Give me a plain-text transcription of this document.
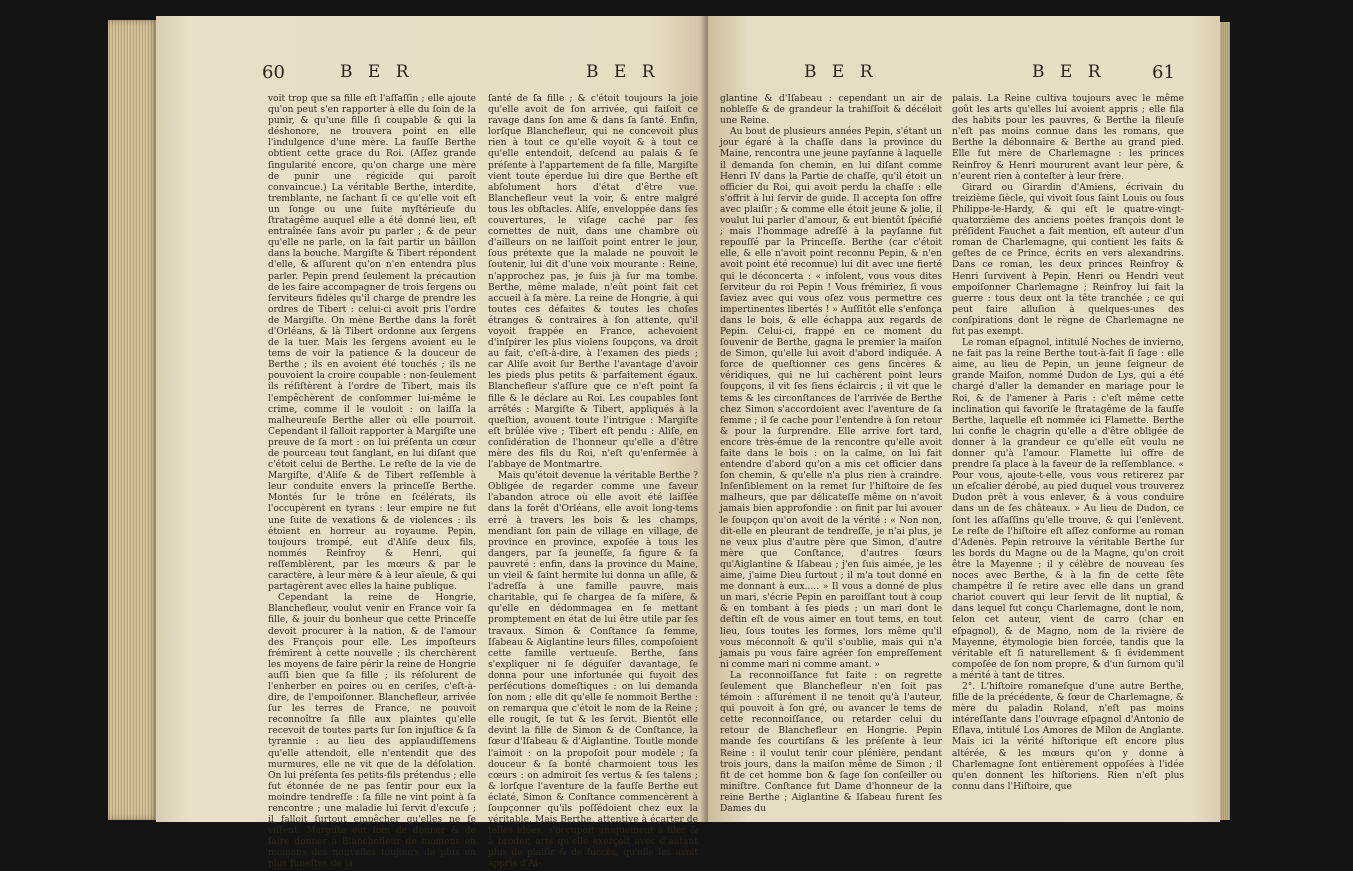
60	B E R	B E R

voit trop que sa fille eſt l'aſſaſſin ; elle ajoute qu'on peut s'en rapporter à elle du ſoin de la punir, & qu'une fille ſi coupable & qui la déshonore, ne trouvera point en elle l'indulgence d'une mère. La fauſſe Berthe obtient cette grace du Roi. (Aſſez grande ſingularité encore, qu'on charge une mère de punir une régicide qui paroît convaincue.) La véritable Berthe, interdite, tremblante, ne ſachant ſi ce qu'elle voit eſt un ſonge ou une ſuite myſtérieuſe du ſtratagême auquel elle a été donné lieu, eſt entraînée ſans avoir pu parler ; & de peur qu'elle ne parle, on la fait partir un bâillon dans la bouche. Margiſte & Tibert répondent d'elle, & aſſurent qu'on n'en entendra plus parler. Pepin prend ſeulement la précaution de les faire accompagner de trois ſergens ou ſerviteurs fidèles qu'il charge de prendre les ordres de Tibert : celui-ci avoit pris l'ordre de Margiſte. On mène Berthe dans la forêt d'Orléans, & là Tibert ordonne aux ſergens de la tuer. Mais les ſergens avoient eu le tems de voir la patience & la douceur de Berthe ; ils en avoient été touchés ; ils ne pouvoient la croire coupable : non-ſeulement ils réſiſtèrent à l'ordre de Tibert, mais ils l'empêchèrent de conſommer lui-même le crime, comme il le vouloit : on laiſſa la malheureuſe Berthe aller où elle pourroit. Cependant il falloit rapporter à Margiſte une preuve de ſa mort : on lui préſenta un cœur de pourceau tout ſanglant, en lui diſant que c'étoit celui de Berthe. Le reſte de la vie de Margiſte, d'Aliſe & de Tibert reſſemble à leur conduite envers la princeſſe Berthe. Montés ſur le trône en ſcélérats, ils l'occupèrent en tyrans : leur empire ne fut une ſuite de vexations & de violences : ils étoient en horreur au royaume. Pepin, toujours trompé, eut d'Aliſe deux fils, nommés Reinfroy & Henri, qui reſſemblèrent, par les mœurs & par le caractère, à leur mère & à leur aïeule, & qui partagèrent avec elles la haine publique.

Cependant la reine de Hongrie, Blanchefleur, voulut venir en France voir ſa fille, & jouir du bonheur que cette Princeſſe devoit procurer à la nation, & de l'amour des François pour elle. Les impoſteurs frémirent à cette nouvelle ; ils cherchèrent les moyens de faire périr la reine de Hongrie auſſi bien que ſa fille ; ils réſolurent de l'enherber en poires ou en ceriſes, c'eſt-à-dire, de l'empoiſonner. Blanchefleur, arrivée ſur les terres de France, ne pouvoit reconnoître ſa fille aux plaintes qu'elle recevoit de toutes parts ſur ſon injuſtice & ſa tyrannie : au lieu des applaudiſſemens qu'elle attendoit, elle n'entendit que des murmures, elle ne vit que de la déſolation. On lui préſenta ſes petits-fils prétendus ; elle fut étonnée de ne pas ſentir pour eux la moindre tendreſſe : ſa fille ne vint point à ſa rencontre ; une maladie lui ſervit d'excuſe ; il falloit ſurtout empêcher qu'elles ne ſe viſſent. Margiſte eut ſoin de donner & de faire donner à Blanchefleur de momens en momens des nouvelles toujours de plus en plus funeſtes de la

ſanté de ſa fille ; & c'étoit toujours la joie qu'elle avoit de ſon arrivée, qui faiſoit ce ravage dans ſon ame & dans ſa ſanté. Enfin, lorſque Blanchefleur, qui ne concevoit plus rien à tout ce qu'elle voyoit & à tout ce qu'elle entendoit, deſcend au palais & ſe préſente à l'appartement de ſa fille, Margiſte vient toute éperdue lui dire que Berthe eſt abſolument hors d'état d'être vue. Blanchefleur veut la voir, & entre malgré tous les obſtacles. Aliſe, enveloppée dans ſes couvertures, le viſage caché par ſes cornettes de nuit, dans une chambre où d'ailleurs on ne laiſſoit point entrer le jour, ſous prétexte que la malade ne pouvoit le ſoutenir, lui dit d'une voix mourante : Reine, n'approchez pas, je ſuis jà ſur ma tombe. Berthe, même malade, n'eût point fait cet accueil à ſa mère. La reine de Hongrie, à qui toutes ces défaites & toutes les choſes étranges & contraires à ſon attente, qu'il voyoit frappée en France, achevoient d'inſpirer les plus violens ſoupçons, va droit au fait, c'eſt-à-dire, à l'examen des pieds ; car Aliſe avoit ſur Berthe l'avantage d'avoir les pieds plus petits & parfaitement égaux. Blanchefleur s'aſſure que ce n'eſt point ſa fille & le déclare au Roi. Les coupables ſont arrêtés : Margiſte & Tibert, appliqués à la queſtion, avouent toute l'intrigue : Margiſte eſt brûlée vive ; Tibert eſt pendu : Aliſe, en conſidération de l'honneur qu'elle a d'être mère des fils du Roi, n'eſt qu'enfermée à l'abbaye de Montmartre.

Mais qu'étoit devenue la véritable Berthe ? Obligée de regarder comme une faveur l'abandon atroce où elle avoit été laiſſée dans la forêt d'Orléans, elle avoit long-tems erré à travers les bois & les champs, mendiant ſon pain de village en village, de province en province, expoſée à tous les dangers, par ſa jeuneſſe, ſa figure & ſa pauvreté : enfin, dans la province du Maine, un vieil & ſaint hermite lui donna un aſile, & l'adreſſa à une famille pauvre, mais charitable, qui ſe chargea de ſa miſère, & qu'elle en dédommagea en ſe mettant promptement en état de lui être utile par ſes travaux. Simon & Conſtance ſa femme, Iſabeau & Aiglantine leurs filles, compoſoient cette famille vertueuſe. Berthe, ſans s'expliquer ni ſe déguiſer davantage, ſe donna pour une infortunée qui fuyoit des perſécutions domeſtiques : on lui demanda ſon nom ; elle dit qu'elle ſe nommoit Berthe : on remarqua que c'étoit le nom de la Reine ; elle rougit, ſe tut & les ſervit. Bientôt elle devint la fille de Simon & de Conſtance, la ſœur d'Iſabeau & d'Aiglantine. Toutle monde l'aimoit : on la propoſoit pour modèle ; ſa douceur & ſa bonté charmoient tous les cœurs : on admiroit ſes vertus & ſes talens ; & lorſque l'aventure de la fauſſe Berthe eut éclaté, Simon & Conſtance commencèrent à ſoupçonner qu'ils poſſédoient chez eux la véritable. Mais Berthe, attentive à écarter de telles idées, s'occupoit uniquement à filer & à broder, arts qu'elle exerçoit avec d'autant plus de plaiſir & de ſuccès, qu'elle les avoit appris d'Ai-

B E R	B E R	61

glantine & d'Iſabeau : cependant un air de nobleſſe & de grandeur la trahiſſoit & décéloit une Reine.

Au bout de plusieurs années Pepin, s'étant un jour égaré à la chaſſe dans la province du Maine, rencontra une jeune payſanne à laquelle il demanda ſon chemin, en lui diſant comme Henri IV dans la Partie de chaſſe, qu'il étoit un officier du Roi, qui avoit perdu la chaſſe : elle s'offrit à lui ſervir de guide. Il accepta ſon offre avec plaiſir ; & comme elle étoit jeune & jolie, il voulut lui parler d'amour, & eut bientôt ſpécifié ; mais l'hommage adreſſé à la payſanne fut repouſſé par la Princeſſe. Berthe (car c'étoit elle, & elle n'avoit point reconnu Pepin, & n'en avoit point été reconnue) lui dit avec une fierté qui le déconcerta : « infolent, vous vous dites ſerviteur du roi Pepin ! Vous frémiriez, ſi vous ſaviez avec qui vous oſez vous permettre ces impertinentes libertés ! » Auſſitôt elle s'enfonça dans le bois, & elle échappa aux regards de Pepin. Celui-ci, frappé en ce moment du ſouvenir de Berthe, gagna le premier la maiſon de Simon, qu'elle lui avoit d'abord indiquée. A force de queſtionner ces gens ſincères & véridiques, qui ne lui cachèrent point leurs ſoupçons, il vit ſes ſiens éclaircis ; il vit que le tems & les circonſtances de l'arrivée de Berthe chez Simon s'accordoient avec l'aventure de ſa femme ; il ſe cache pour l'entendre à ſon retour & pour la ſurprendre. Elle arrive fort tard, encore très-émue de la rencontre qu'elle avoit faite dans le bois : on la calme, on lui fait entendre d'abord qu'on a mis cet officier dans ſon chemin, & qu'elle n'a plus rien à craindre. Inſenſiblement on la remet ſur l'hiſtoire de ſes malheurs, que par délicateſſe même on n'avoit jamais bien approfondie : on finit par lui avouer le ſoupçon qu'on avoit de la vérité : « Non non, dit-elle en pleurant de tendreſſe, je n'ai plus, je ne veux plus d'autre père que Simon, d'autre mère que Conſtance, d'autres ſœurs qu'Aiglantine & Iſabeau ; j'en ſuis aimée, je les aime, j'aime Dieu ſurtout ; il m'a tout donné en me donnant à eux..... » Il vous a donné de plus un mari, s'écrie Pepin en paroiſſant tout à coup & en tombant à ſes pieds ; un mari dont le deſtin eſt de vous aimer en tout tems, en tout lieu, ſous toutes les formes, lors même qu'il vous méconnoît & qu'il s'oublie, mais qui n'a jamais pu vous faire agréer ſon empreſſement ni comme mari ni comme amant. »

La reconnoiſſance fut faite : on regrette ſeulement que Blanchefleur n'en ſoit pas témoin : aſſurément il ne tenoit qu'à l'auteur, qui pouvoit à ſon gré, ou avancer le tems de cette reconnoiſſance, ou retarder celui du retour de Blanchefleur en Hongrie. Pepin mande ſes courtiſans & les préſente à leur Reine : il voulut tenir cour plénière, pendant trois jours, dans la maiſon même de Simon ; il fit de cet homme bon & ſage ſon conſeiller ou miniſtre. Conſtance fut Dame d'honneur de la reine Berthe ; Aiglantine & Iſabeau furent ſes Dames du

palais. La Reine cultiva toujours avec le même goût les arts qu'elles lui avoient appris ; elle fila des habits pour les pauvres, & Berthe la fileuſe n'eſt pas moins connue dans les romans, que Berthe la débonnaire & Berthe au grand pied. Elle fut mère de Charlemagne : les princes Reinfroy & Henri moururent avant leur père, & n'eurent rien à conteſter à leur frère.

Girard ou Girardin d'Amiens, écrivain du treizième ſiècle, qui vivoit ſous ſaint Louis ou ſous Philippe-le-Hardy, & qui eſt le quatre-vingt-quatorzième des anciens poètes françois dont le préſident Fauchet a fait mention, eſt auteur d'un roman de Charlemagne, qui contient les faits & geſtes de ce Prince, écrits en vers alexandrins. Dans ce roman, les deux princes Reinfroy & Henri ſurvivent à Pepin. Henri ou Hendri veut empoiſonner Charlemagne ; Reinfroy lui fait la guerre : tous deux ont la tête tranchée ; ce qui peut faire alluſion à quelques-unes des conſpirations dont le règne de Charlemagne ne fut pas exempt.

Le roman eſpagnol, intitulé Noches de invierno, ne fait pas la reine Berthe tout-à-fait ſi ſage : elle aime, au lieu de Pepin, un jeune ſeigneur de grande Maiſon, nommé Dudon de Lys, qui a été chargé d'aller la demander en mariage pour le Roi, & de l'amener à Paris : c'eſt même cette inclination qui favoriſe le ſtratagême de la fauſſe Berthe, laquelle eſt nommée ici Flamette. Berthe lui confie le chagrin qu'elle a d'être obligée de donner à la grandeur ce qu'elle eût voulu ne donner qu'à l'amour. Flamette lui offre de prendre ſa place à la faveur de la reſſemblance. « Pour vous, ajoute-t-elle, vous vous retirerez par un eſcalier dérobé, au pied duquel vous trouverez Dudon prêt à vous enlever, & à vous conduire dans un de ſes châteaux. » Au lieu de Dudon, ce ſont les aſſaſſins qu'elle trouve, & qui l'enlèvent. Le reſte de l'hiſtoire eſt aſſez conforme au roman d'Adenès. Pepin retrouve la véritable Berthe ſur les bords du Magne ou de la Magne, qu'on croit être la Mayenne ; il y célèbre de nouveau ſes noces avec Berthe, & à la fin de cette fête champêtre il ſe retire avec elle dans un grand chariot couvert qui leur ſervit de lit nuptial, & dans lequel fut conçu Charlemagne, dont le nom, ſelon cet auteur, vient de carro (char en eſpagnol), & de Magno, nom de la rivière de Mayenne, étymologie bien forcée, tandis que la véritable eſt ſi naturellement & ſi évidemment compoſée de ſon nom propre, & d'un ſurnom qu'il a mérité à tant de titres.

2°. L'hiſtoire romaneſque d'une autre Berthe, fille de la précédente, & ſœur de Charlemagne, & mère du paladin Roland, n'eſt pas moins intéreſſante dans l'ouvrage eſpagnol d'Antonio de Eſlava, intitulé Los Amores de Milon de Anglante. Mais ici la vérité hiſtorique eſt encore plus altérée, & les mœurs qu'on y donne à Charlemagne ſont entièrement oppoſées à l'idée qu'en donnent les hiſtoriens. Rien n'eſt plus connu dans l'Hiſtoire, que
